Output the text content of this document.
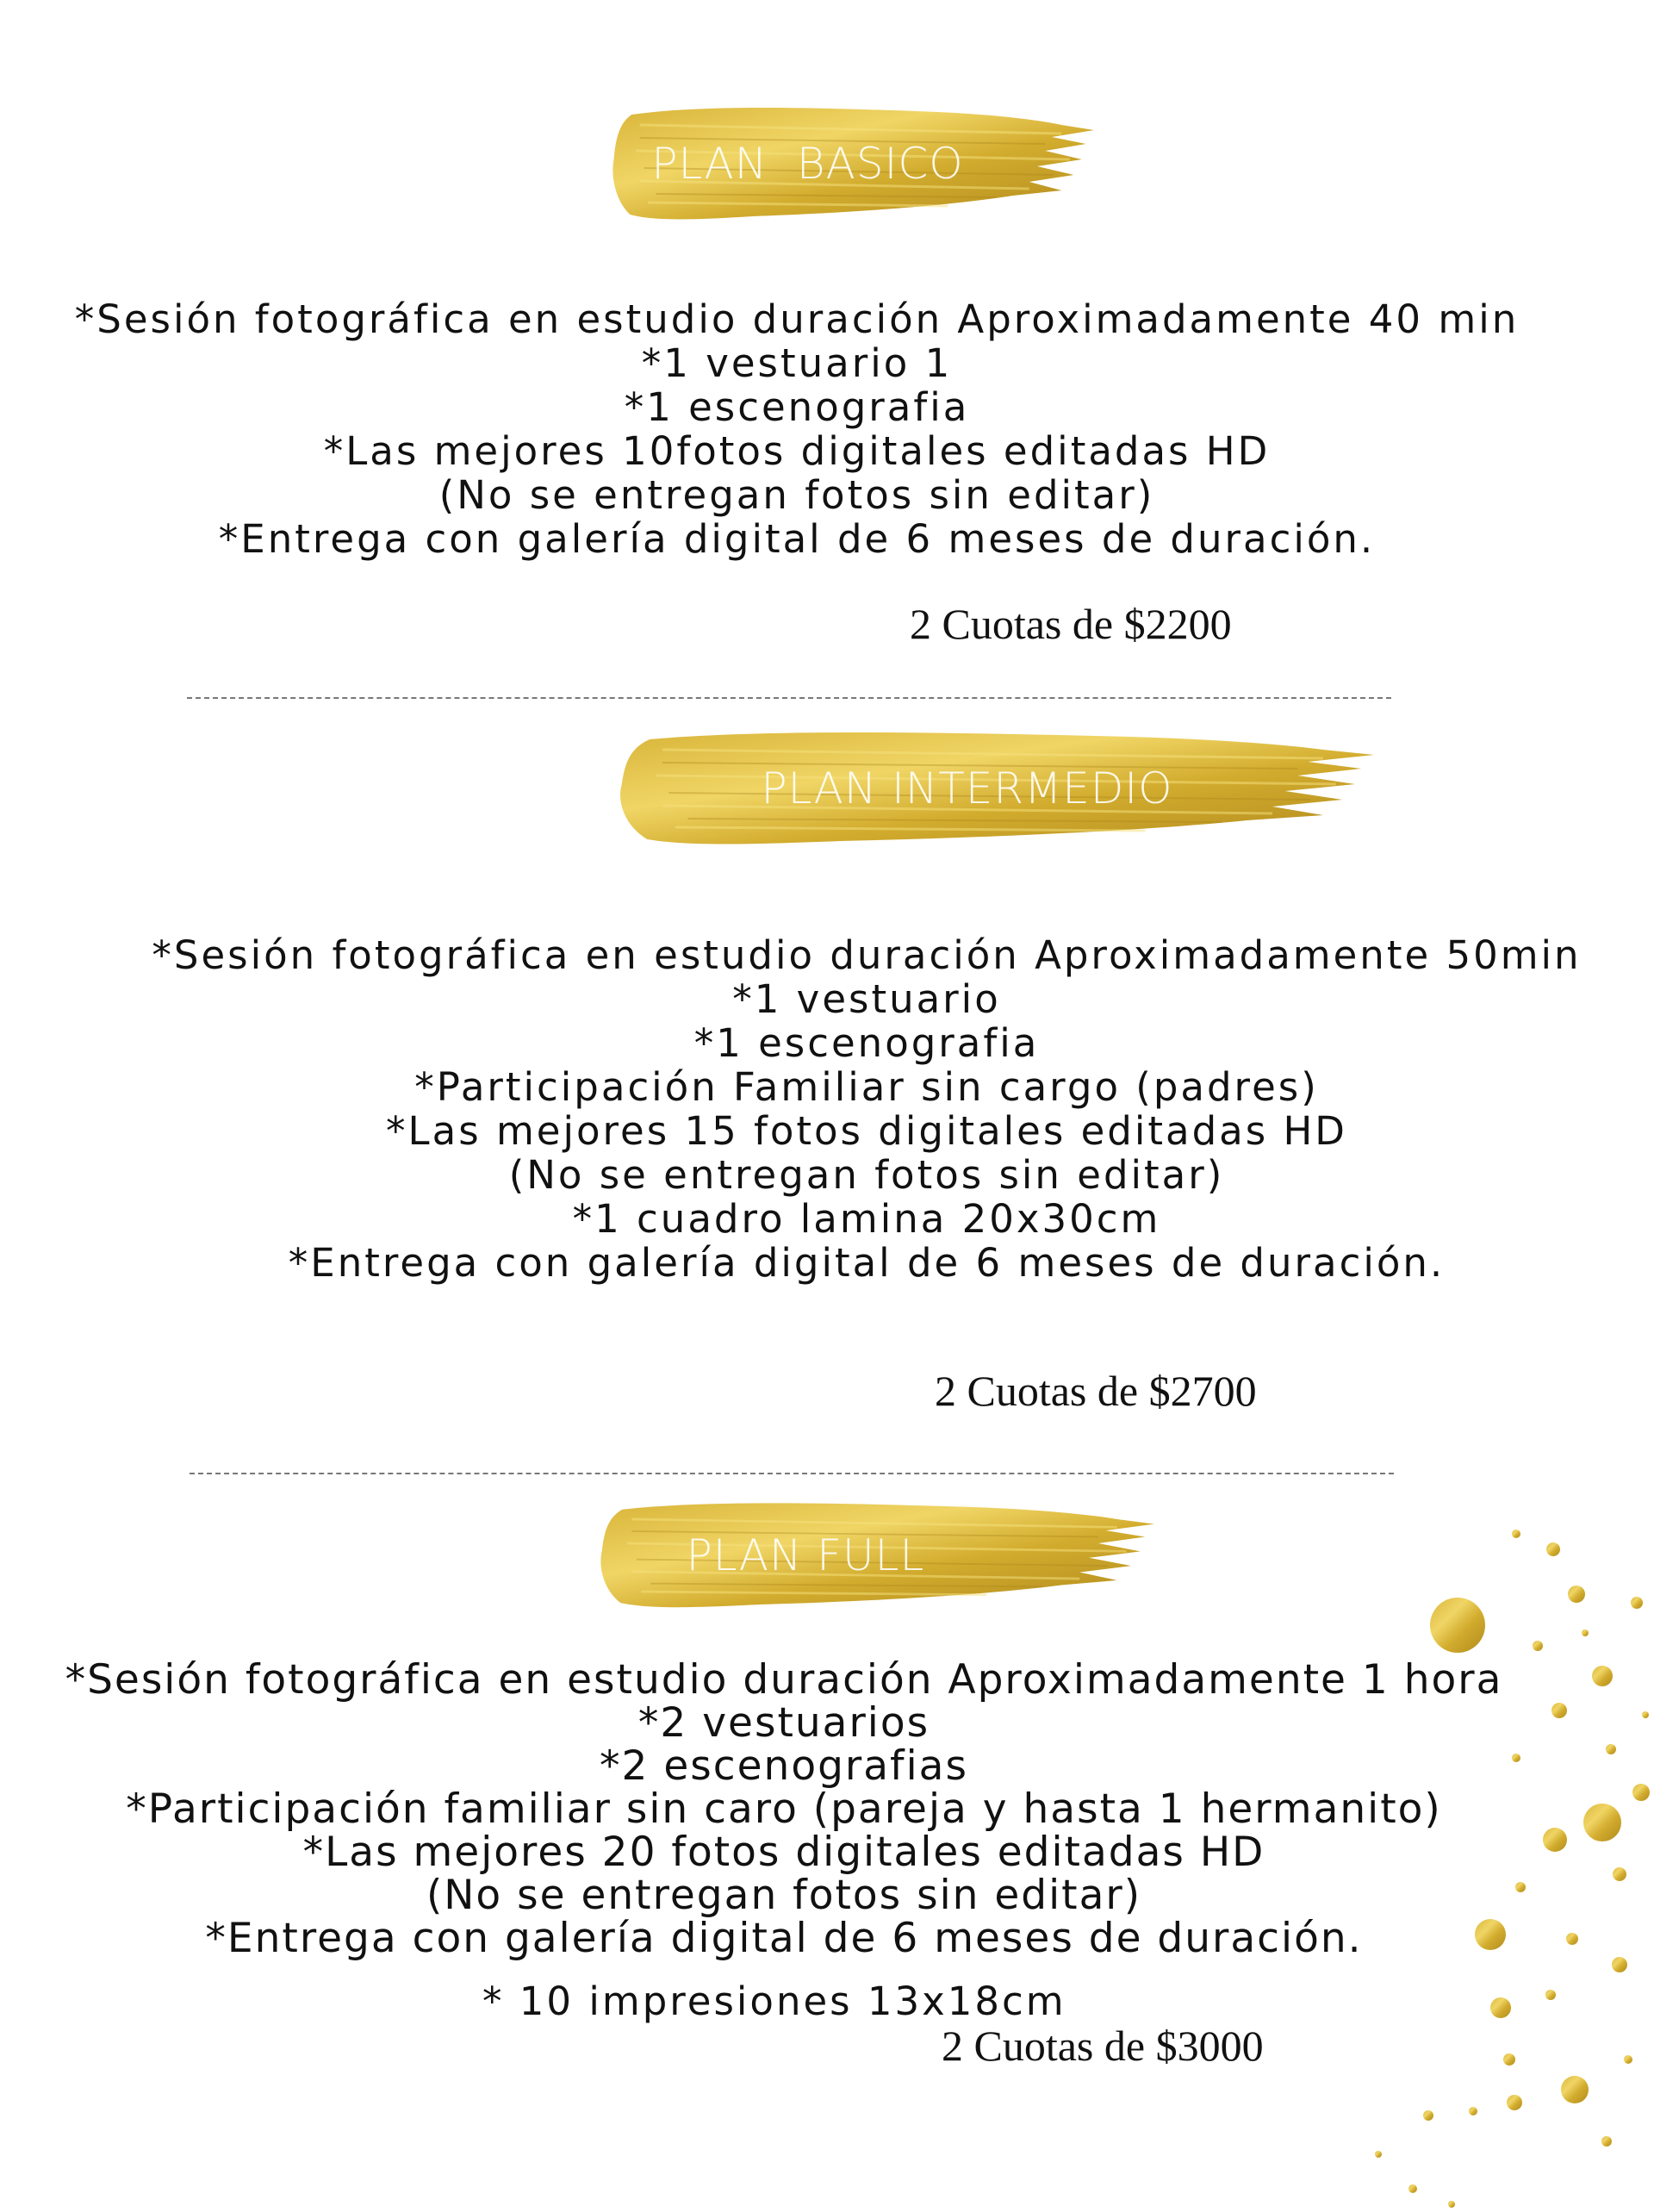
PLAN  BASICO
*Sesión fotográfica en estudio duración Aproximadamente 40 min
*1 vestuario 1
*1 escenografia
*Las mejores 10fotos digitales editadas HD
(No se entregan fotos sin editar)
*Entrega con galería digital de 6 meses de duración.
2 Cuotas de $2200
PLAN INTERMEDIO
*Sesión fotográfica en estudio duración Aproximadamente 50min
*1 vestuario
*1 escenografia
*Participación Familiar sin cargo (padres)
*Las mejores 15 fotos digitales editadas HD
(No se entregan fotos sin editar)
*1 cuadro lamina 20x30cm
*Entrega con galería digital de 6 meses de duración.
2 Cuotas de $2700
PLAN FULL
*Sesión fotográfica en estudio duración Aproximadamente 1 hora
*2 vestuarios
*2 escenografias
*Participación familiar sin caro (pareja y hasta 1 hermanito)
*Las mejores 20 fotos digitales editadas HD
(No se entregan fotos sin editar)
*Entrega con galería digital de 6 meses de duración.
* 10 impresiones 13x18cm
2 Cuotas de $3000
